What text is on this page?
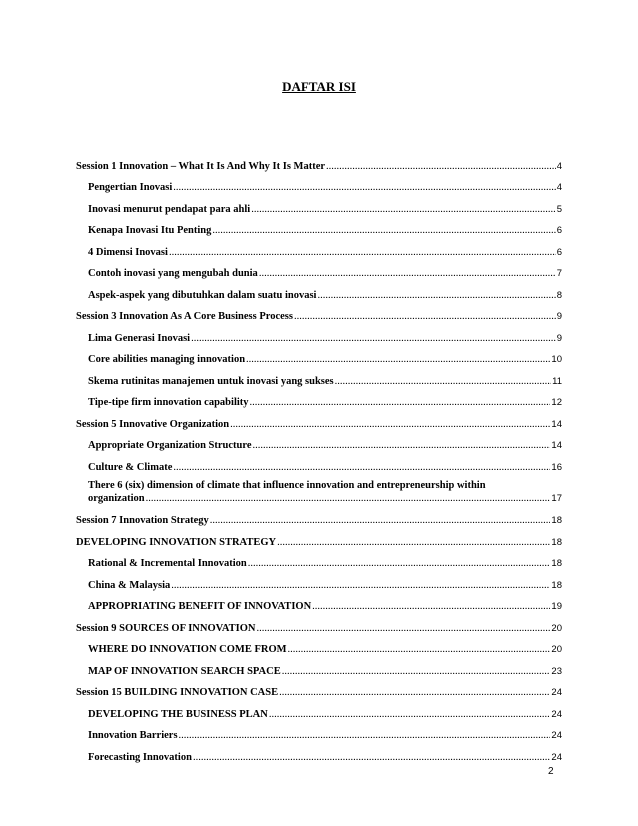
DAFTAR ISI
Session 1 Innovation – What It Is And Why It Is Matter .....	4
Pengertian Inovasi .....	4
Inovasi menurut pendapat para ahli .....	5
Kenapa Inovasi Itu Penting .....	6
4 Dimensi Inovasi .....	6
Contoh inovasi yang mengubah dunia .....	7
Aspek-aspek yang dibutuhkan dalam suatu inovasi .....	8
Session 3 Innovation As A Core Business Process .....	9
Lima Generasi Inovasi .....	9
Core abilities managing innovation .....	10
Skema rutinitas manajemen untuk inovasi yang sukses .....	11
Tipe-tipe firm innovation capability .....	12
Session 5 Innovative Organization .....	14
Appropriate Organization Structure .....	14
Culture & Climate .....	16
There 6 (six) dimension of climate that influence innovation and entrepreneurship within
organization .....	17
Session 7 Innovation Strategy .....	18
DEVELOPING INNOVATION STRATEGY .....	18
Rational & Incremental Innovation .....	18
China & Malaysia .....	18
APPROPRIATING BENEFIT OF INNOVATION .....	19
Session 9 SOURCES OF INNOVATION .....	20
WHERE DO INNOVATION COME FROM .....	20
MAP OF INNOVATION SEARCH SPACE .....	23
Session 15 BUILDING INNOVATION CASE .....	24
DEVELOPING THE BUSINESS PLAN .....	24
Innovation Barriers .....	24
Forecasting Innovation .....	24
2
